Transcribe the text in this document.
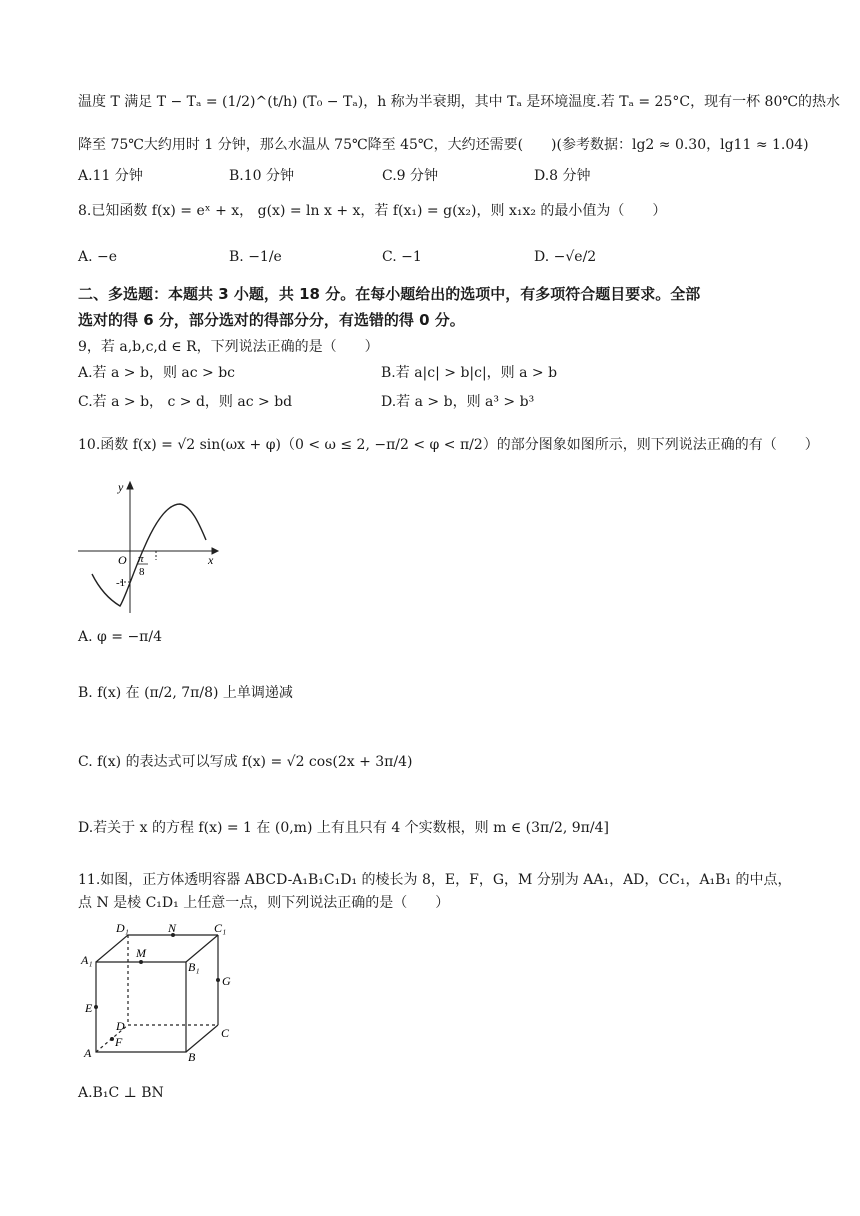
温度 T 满足 T − Tₐ = (1/2)^(t/h) (T₀ − Tₐ)，h 称为半衰期，其中 Tₐ 是环境温度.若 Tₐ = 25°C，现有一杯 80℃的热水
降至 75℃大约用时 1 分钟，那么水温从 75℃降至 45℃，大约还需要(　　)(参考数据：lg2 ≈ 0.30，lg11 ≈ 1.04)
A.11 分钟	B.10 分钟	C.9 分钟	D.8 分钟
8.已知函数 f(x) = eˣ + x， g(x) = ln x + x，若 f(x₁) = g(x₂)，则 x₁x₂ 的最小值为（　　）
A. −e	B. −1/e	C. −1	D. −√e/2
二、多选题：本题共 3 小题，共 18 分。在每小题给出的选项中，有多项符合题目要求。全部
选对的得 6 分，部分选对的得部分分，有选错的得 0 分。
9，若 a,b,c,d ∈ R，下列说法正确的是（　　）
A.若 a > b，则 ac > bc	B.若 a|c| > b|c|，则 a > b
C.若 a > b， c > d，则 ac > bd	D.若 a > b，则 a³ > b³
10.函数 f(x) = √2 sin(ωx + φ)（0 < ω ≤ 2, −π/2 < φ < π/2）的部分图象如图所示，则下列说法正确的有（　　）
y
x
O π
8
-1
A. φ = −π/4
B. f(x) 在 (π/2, 7π/8) 上单调递减
C. f(x) 的表达式可以写成 f(x) = √2 cos(2x + 3π/4)
D.若关于 x 的方程 f(x) = 1 在 (0,m) 上有且只有 4 个实数根，则 m ∈ (3π/2, 9π/4]
11.如图，正方体透明容器 ABCD-A₁B₁C₁D₁ 的棱长为 8，E，F，G，M 分别为 AA₁，AD，CC₁，A₁B₁ 的中点，
点 N 是棱 C₁D₁ 上任意一点，则下列说法正确的是（　　）
D₁	N	C₁
A₁	M
B₁
G
E
D	C
F
A	B
A.B₁C ⊥ BN
